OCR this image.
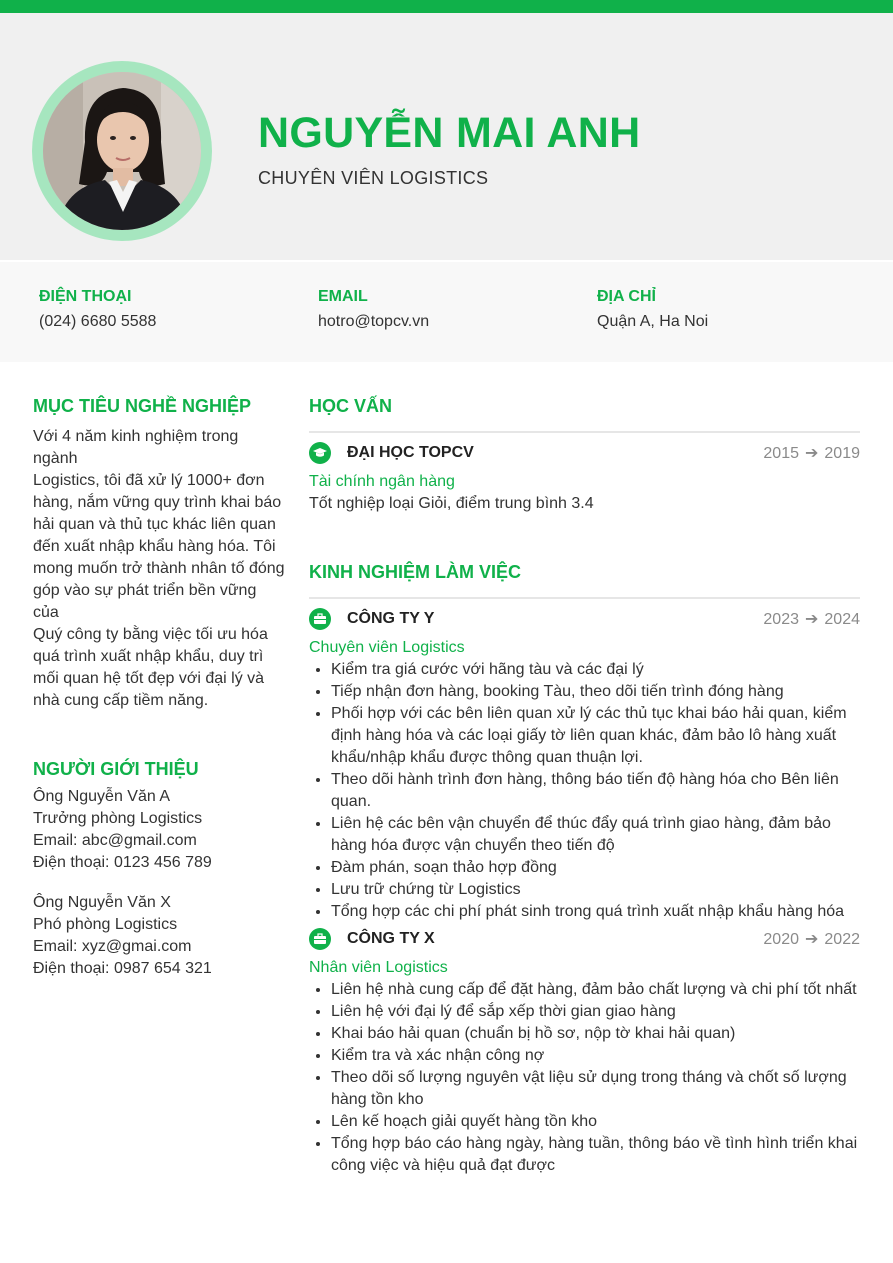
NGUYỄN MAI ANH
CHUYÊN VIÊN LOGISTICS
ĐIỆN THOẠI
(024) 6680 5588
EMAIL
hotro@topcv.vn
ĐỊA CHỈ
Quận A, Ha Noi
MỤC TIÊU NGHỀ NGHIỆP
Với 4 năm kinh nghiệm trong ngành
Logistics, tôi đã xử lý 1000+ đơn
hàng, nắm vững quy trình khai báo
hải quan và thủ tục khác liên quan
đến xuất nhập khẩu hàng hóa. Tôi
mong muốn trở thành nhân tố đóng
góp vào sự phát triển bền vững của
Quý công ty bằng việc tối ưu hóa
quá trình xuất nhập khẩu, duy trì
mối quan hệ tốt đẹp với đại lý và
nhà cung cấp tiềm năng.
NGƯỜI GIỚI THIỆU
Ông Nguyễn Văn A
Trưởng phòng Logistics
Email: abc@gmail.com
Điện thoại: 0123 456 789
Ông Nguyễn Văn X
Phó phòng Logistics
Email: xyz@gmai.com
Điện thoại: 0987 654 321
HỌC VẤN
ĐẠI HỌC TOPCV	2015 ➔ 2019
Tài chính ngân hàng
Tốt nghiệp loại Giỏi, điểm trung bình 3.4
KINH NGHIỆM LÀM VIỆC
CÔNG TY Y	2023 ➔ 2024
Chuyên viên Logistics
• Kiểm tra giá cước với hãng tàu và các đại lý
• Tiếp nhận đơn hàng, booking Tàu, theo dõi tiến trình đóng hàng
• Phối hợp với các bên liên quan xử lý các thủ tục khai báo hải quan, kiểm định hàng hóa và các loại giấy tờ liên quan khác, đảm bảo lô hàng xuất khẩu/nhập khẩu được thông quan thuận lợi.
• Theo dõi hành trình đơn hàng, thông báo tiến độ hàng hóa cho Bên liên quan.
• Liên hệ các bên vận chuyển để thúc đẩy quá trình giao hàng, đảm bảo hàng hóa được vận chuyển theo tiến độ
• Đàm phán, soạn thảo hợp đồng
• Lưu trữ chứng từ Logistics
• Tổng hợp các chi phí phát sinh trong quá trình xuất nhập khẩu hàng hóa
CÔNG TY X	2020 ➔ 2022
Nhân viên Logistics
• Liên hệ nhà cung cấp để đặt hàng, đảm bảo chất lượng và chi phí tốt nhất
• Liên hệ với đại lý để sắp xếp thời gian giao hàng
• Khai báo hải quan (chuẩn bị hồ sơ, nộp tờ khai hải quan)
• Kiểm tra và xác nhận công nợ
• Theo dõi số lượng nguyên vật liệu sử dụng trong tháng và chốt số lượng hàng tồn kho
• Lên kế hoạch giải quyết hàng tồn kho
• Tổng hợp báo cáo hàng ngày, hàng tuần, thông báo về tình hình triển khai công việc và hiệu quả đạt được
